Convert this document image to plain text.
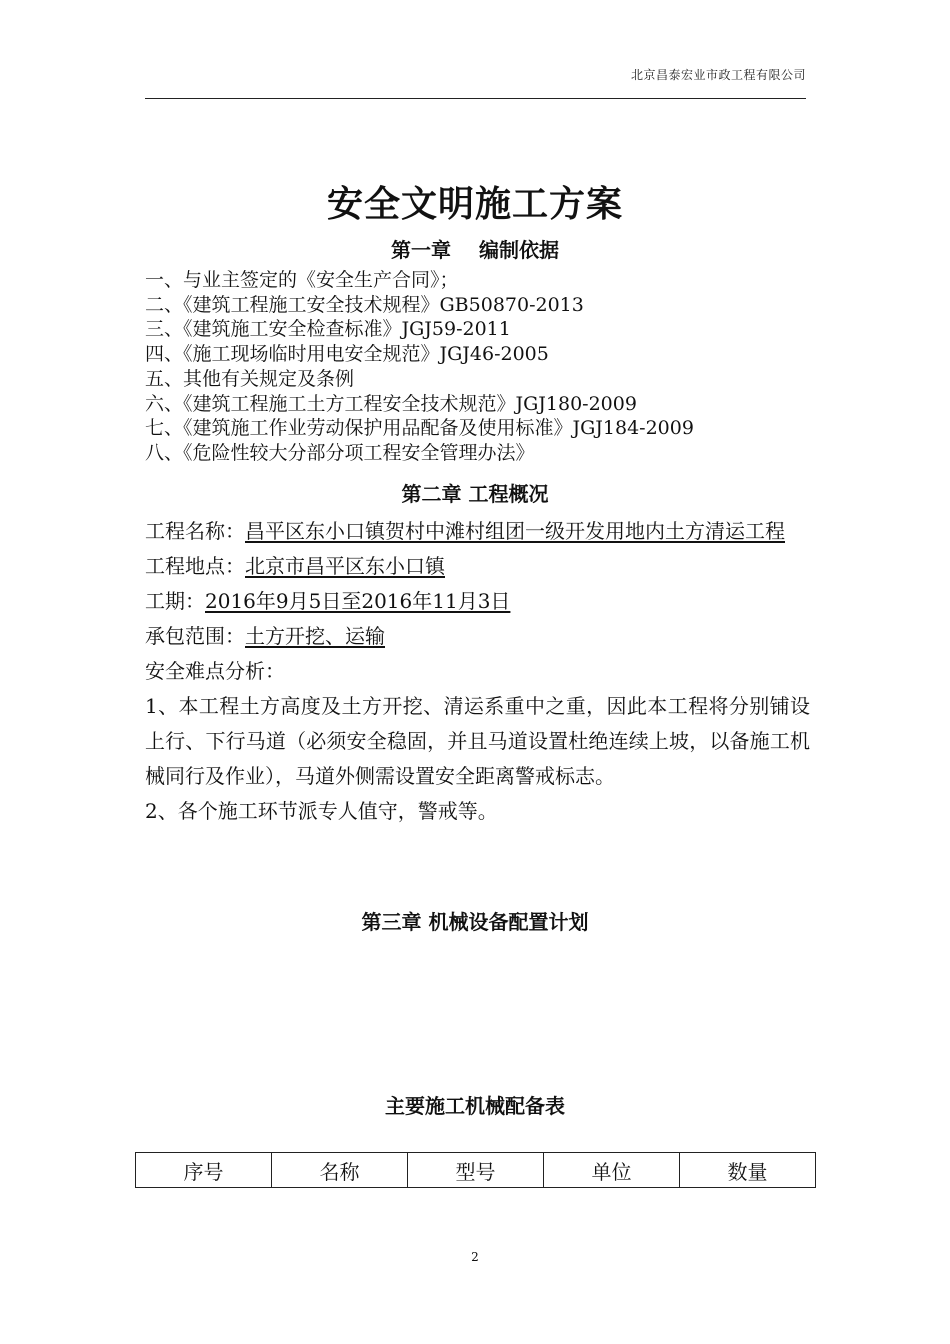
北京昌泰宏业市政工程有限公司
安全文明施工方案
第一章 编制依据
一、与业主签定的《安全生产合同》；
二、《建筑工程施工安全技术规程》GB50870-2013
三、《建筑施工安全检查标准》JGJ59-2011
四、《施工现场临时用电安全规范》JGJ46-2005
五、其他有关规定及条例
六、《建筑工程施工土方工程安全技术规范》JGJ180-2009
七、《建筑施工作业劳动保护用品配备及使用标准》JGJ184-2009
八、《危险性较大分部分项工程安全管理办法》
第二章 工程概况
工程名称：昌平区东小口镇贺村中滩村组团一级开发用地内土方清运工程
工程地点：北京市昌平区东小口镇
工期：2016年9月5日至2016年11月3日
承包范围：土方开挖、运输
安全难点分析：
1、本工程土方高度及土方开挖、清运系重中之重，因此本工程将分别铺设上行、下行马道（必须安全稳固，并且马道设置杜绝连续上坡，以备施工机械同行及作业），马道外侧需设置安全距离警戒标志。
2、各个施工环节派专人值守，警戒等。
第三章 机械设备配置计划
主要施工机械配备表
序号	名称	型号	单位	数量
2
